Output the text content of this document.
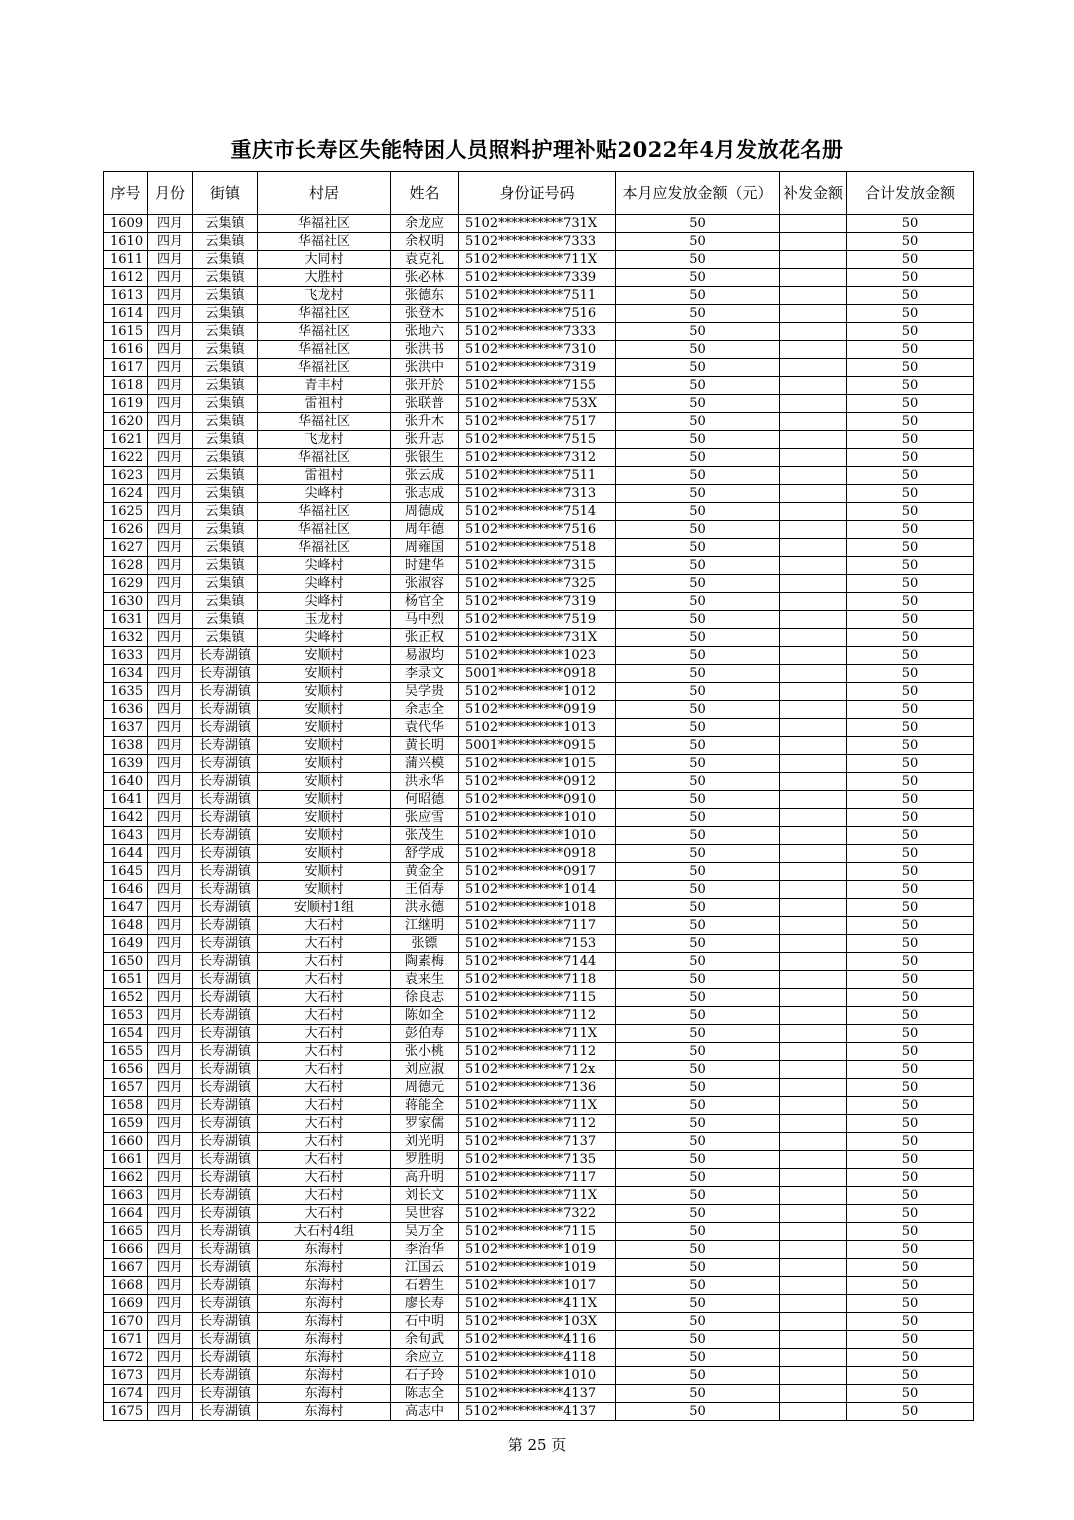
重庆市长寿区失能特困人员照料护理补贴2022年4月发放花名册
序号	月份	街镇	村居	姓名	身份证号码	本月应发放金额（元）	补发金额	合计发放金额
1609	四月	云集镇	华福社区	余龙应	5102**********731X	50		50
1610	四月	云集镇	华福社区	余权明	5102**********7333	50		50
1611	四月	云集镇	大同村	袁克礼	5102**********711X	50		50
1612	四月	云集镇	大胜村	张必林	5102**********7339	50		50
1613	四月	云集镇	飞龙村	张德东	5102**********7511	50		50
1614	四月	云集镇	华福社区	张登木	5102**********7516	50		50
1615	四月	云集镇	华福社区	张地六	5102**********7333	50		50
1616	四月	云集镇	华福社区	张洪书	5102**********7310	50		50
1617	四月	云集镇	华福社区	张洪中	5102**********7319	50		50
1618	四月	云集镇	青丰村	张开於	5102**********7155	50		50
1619	四月	云集镇	雷祖村	张联普	5102**********753X	50		50
1620	四月	云集镇	华福社区	张升木	5102**********7517	50		50
1621	四月	云集镇	飞龙村	张升志	5102**********7515	50		50
1622	四月	云集镇	华福社区	张银生	5102**********7312	50		50
1623	四月	云集镇	雷祖村	张云成	5102**********7511	50		50
1624	四月	云集镇	尖峰村	张志成	5102**********7313	50		50
1625	四月	云集镇	华福社区	周德成	5102**********7514	50		50
1626	四月	云集镇	华福社区	周年德	5102**********7516	50		50
1627	四月	云集镇	华福社区	周雍国	5102**********7518	50		50
1628	四月	云集镇	尖峰村	时建华	5102**********7315	50		50
1629	四月	云集镇	尖峰村	张淑容	5102**********7325	50		50
1630	四月	云集镇	尖峰村	杨官全	5102**********7319	50		50
1631	四月	云集镇	玉龙村	马中烈	5102**********7519	50		50
1632	四月	云集镇	尖峰村	张正权	5102**********731X	50		50
1633	四月	长寿湖镇	安顺村	易淑均	5102**********1023	50		50
1634	四月	长寿湖镇	安顺村	李录文	5001**********0918	50		50
1635	四月	长寿湖镇	安顺村	吴学贵	5102**********1012	50		50
1636	四月	长寿湖镇	安顺村	余志全	5102**********0919	50		50
1637	四月	长寿湖镇	安顺村	袁代华	5102**********1013	50		50
1638	四月	长寿湖镇	安顺村	黄长明	5001**********0915	50		50
1639	四月	长寿湖镇	安顺村	蒲兴模	5102**********1015	50		50
1640	四月	长寿湖镇	安顺村	洪永华	5102**********0912	50		50
1641	四月	长寿湖镇	安顺村	何昭德	5102**********0910	50		50
1642	四月	长寿湖镇	安顺村	张应雪	5102**********1010	50		50
1643	四月	长寿湖镇	安顺村	张茂生	5102**********1010	50		50
1644	四月	长寿湖镇	安顺村	舒学成	5102**********0918	50		50
1645	四月	长寿湖镇	安顺村	黄金全	5102**********0917	50		50
1646	四月	长寿湖镇	安顺村	王佰寿	5102**********1014	50		50
1647	四月	长寿湖镇	安顺村1组	洪永德	5102**********1018	50		50
1648	四月	长寿湖镇	大石村	江继明	5102**********7117	50		50
1649	四月	长寿湖镇	大石村	张镖	5102**********7153	50		50
1650	四月	长寿湖镇	大石村	陶素梅	5102**********7144	50		50
1651	四月	长寿湖镇	大石村	袁来生	5102**********7118	50		50
1652	四月	长寿湖镇	大石村	徐良志	5102**********7115	50		50
1653	四月	长寿湖镇	大石村	陈如全	5102**********7112	50		50
1654	四月	长寿湖镇	大石村	彭伯寿	5102**********711X	50		50
1655	四月	长寿湖镇	大石村	张小桃	5102**********7112	50		50
1656	四月	长寿湖镇	大石村	刘应淑	5102**********712x	50		50
1657	四月	长寿湖镇	大石村	周德元	5102**********7136	50		50
1658	四月	长寿湖镇	大石村	蒋能全	5102**********711X	50		50
1659	四月	长寿湖镇	大石村	罗家儒	5102**********7112	50		50
1660	四月	长寿湖镇	大石村	刘光明	5102**********7137	50		50
1661	四月	长寿湖镇	大石村	罗胜明	5102**********7135	50		50
1662	四月	长寿湖镇	大石村	高升明	5102**********7117	50		50
1663	四月	长寿湖镇	大石村	刘长文	5102**********711X	50		50
1664	四月	长寿湖镇	大石村	吴世容	5102**********7322	50		50
1665	四月	长寿湖镇	大石村4组	吴万全	5102**********7115	50		50
1666	四月	长寿湖镇	东海村	李治华	5102**********1019	50		50
1667	四月	长寿湖镇	东海村	江国云	5102**********1019	50		50
1668	四月	长寿湖镇	东海村	石碧生	5102**********1017	50		50
1669	四月	长寿湖镇	东海村	廖长寿	5102**********411X	50		50
1670	四月	长寿湖镇	东海村	石中明	5102**********103X	50		50
1671	四月	长寿湖镇	东海村	余旬武	5102**********4116	50		50
1672	四月	长寿湖镇	东海村	余应立	5102**********4118	50		50
1673	四月	长寿湖镇	东海村	石子玲	5102**********1010	50		50
1674	四月	长寿湖镇	东海村	陈志全	5102**********4137	50		50
1675	四月	长寿湖镇	东海村	高志中	5102**********4137	50		50
第 25 页
